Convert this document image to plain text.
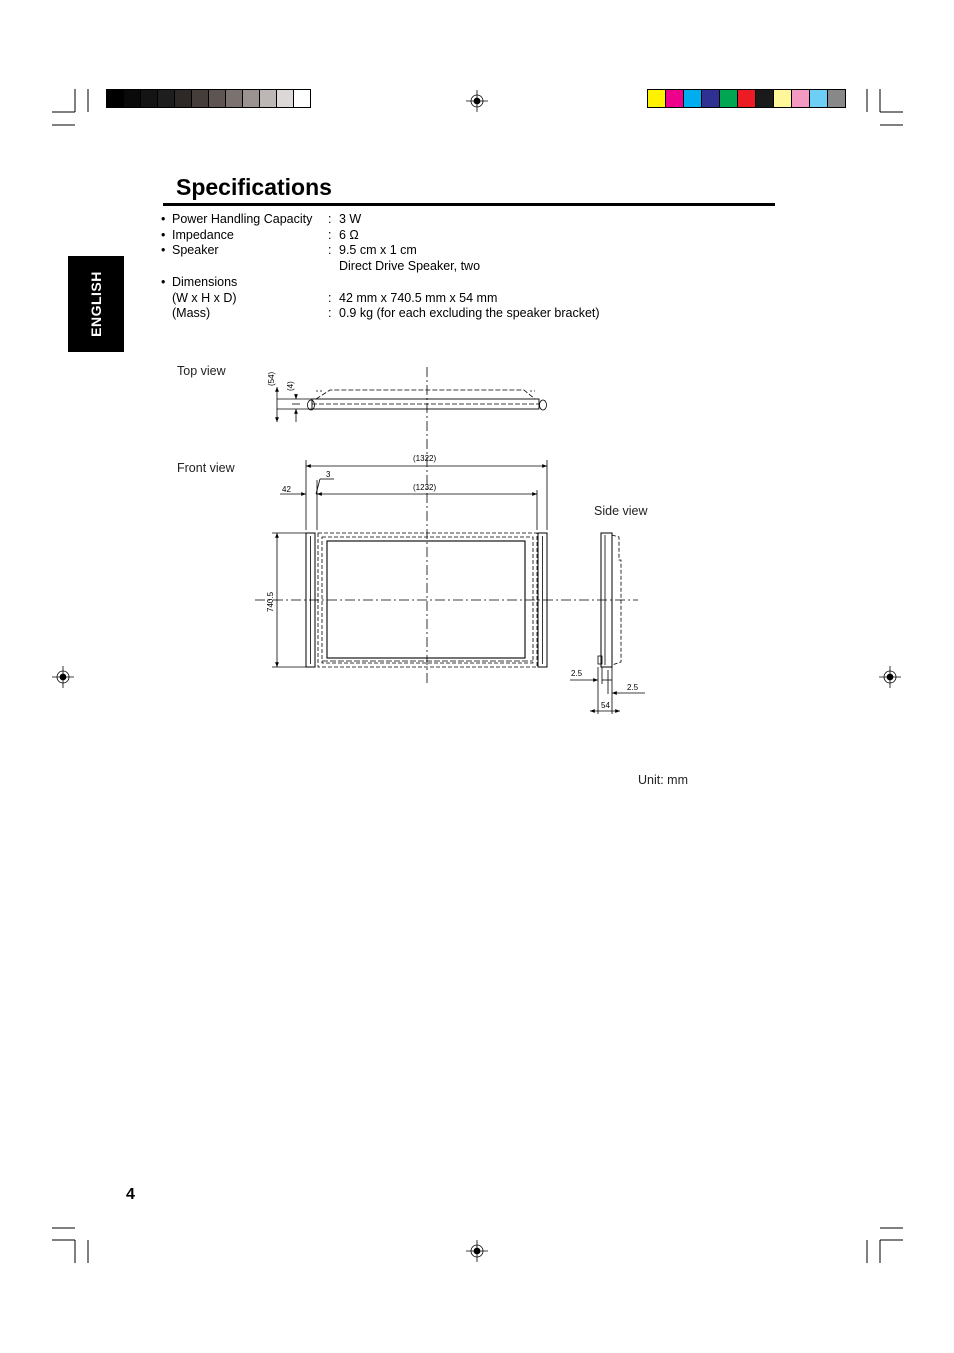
Specifications
ENGLISH
• Power Handling Capacity : 3 W
• Impedance	: 6 Ω
• Speaker	: 9.5 cm x 1 cm
Direct Drive Speaker, two
• Dimensions
(W x H x D)	: 42 mm x 740.5 mm x 54 mm
(Mass)	: 0.9 kg (for each excluding the speaker bracket)
Top view
Front view
Side view
(54)
(4)
(1322)
(1232)
3
42
740.5
2.5
2.5
54
Unit: mm
4
